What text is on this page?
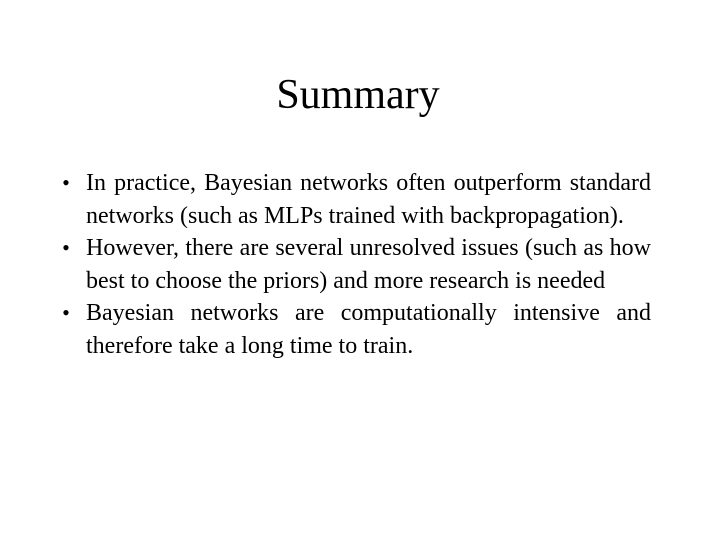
Summary
• In practice, Bayesian networks often outperform standard networks (such as MLPs trained with backpropagation).
• However, there are several unresolved issues (such as how best to choose the priors) and more research is needed
• Bayesian networks are computationally intensive and therefore take a long time to train.
